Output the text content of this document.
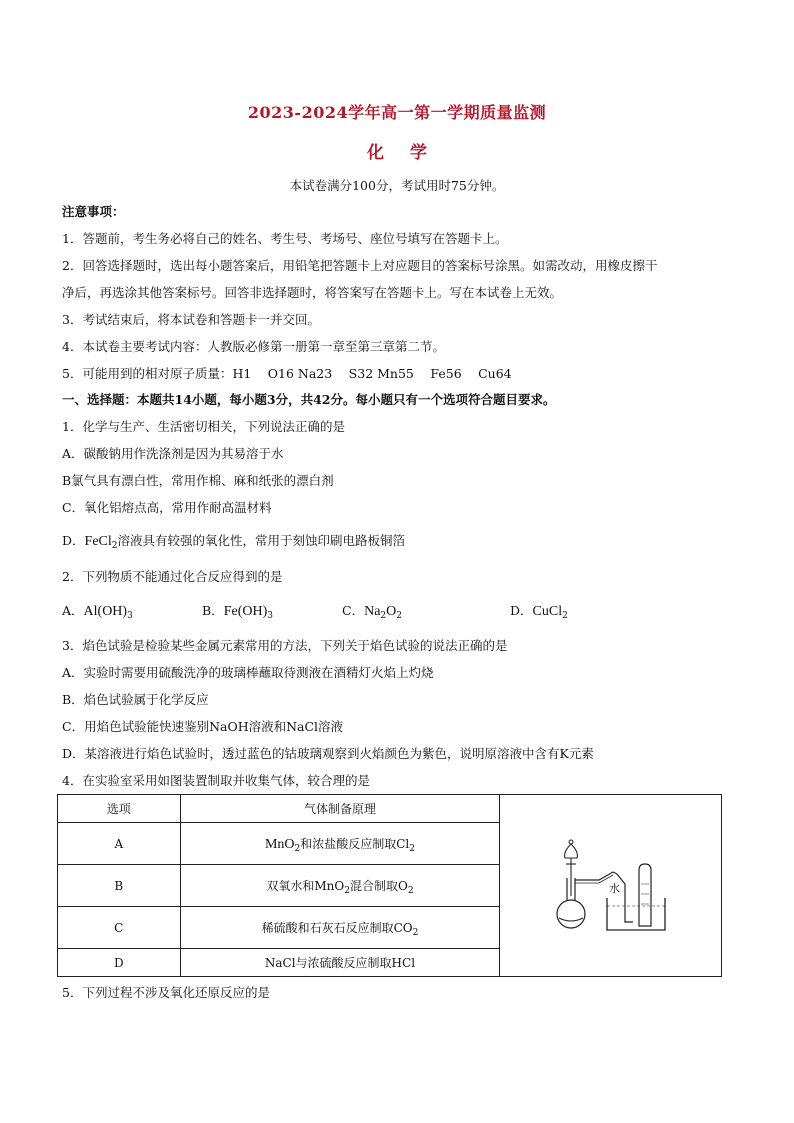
2023-2024学年高一第一学期质量监测
化学
本试卷满分100分，考试用时75分钟。
注意事项：
1．答题前，考生务必将自己的姓名、考生号、考场号、座位号填写在答题卡上。
2．回答选择题时，选出每小题答案后，用铅笔把答题卡上对应题目的答案标号涂黑。如需改动，用橡皮擦干
净后，再选涂其他答案标号。回答非选择题时，将答案写在答题卡上。写在本试卷上无效。
3．考试结束后，将本试卷和答题卡一并交回。
4．本试卷主要考试内容：人教版必修第一册第一章至第三章第二节。
5．可能用到的相对原子质量：H1　 O16 Na23　 S32 Mn55　 Fe56　 Cu64
一、选择题：本题共14小题，每小题3分，共42分。每小题只有一个选项符合题目要求。
1．化学与生产、生活密切相关，下列说法正确的是
A．碳酸钠用作洗涤剂是因为其易溶于水
B氯气具有漂白性，常用作棉、麻和纸张的漂白剂
C．氧化铝熔点高，常用作耐高温材料
D．FeCl$_2$溶液具有较强的氧化性，常用于刻蚀印刷电路板铜箔
2．下列物质不能通过化合反应得到的是
A．$Al(OH)_3$	B．$Fe(OH)_3$	C．$Na_2O_2$	D．CuCl$_2$
3．焰色试验是检验某些金属元素常用的方法，下列关于焰色试验的说法正确的是
A．实验时需要用硫酸洗净的玻璃棒蘸取待测液在酒精灯火焰上灼烧
B．焰色试验属于化学反应
C．用焰色试验能快速鉴别NaOH溶液和NaCl溶液
D．某溶液进行焰色试验时，透过蓝色的钴玻璃观察到火焰颜色为紫色，说明原溶液中含有K元素
4．在实验室采用如图装置制取并收集气体，较合理的是
选项	气体制备原理	水

A	MnO$_2$和浓盐酸反应制取$Cl_2$
B	双氧水和MnO$_2$混合制取$O_2$
C	稀硫酸和石灰石反应制取$CO_2$
D	NaCl与浓硫酸反应制取HCl	
5．下列过程不涉及氧化还原反应的是
